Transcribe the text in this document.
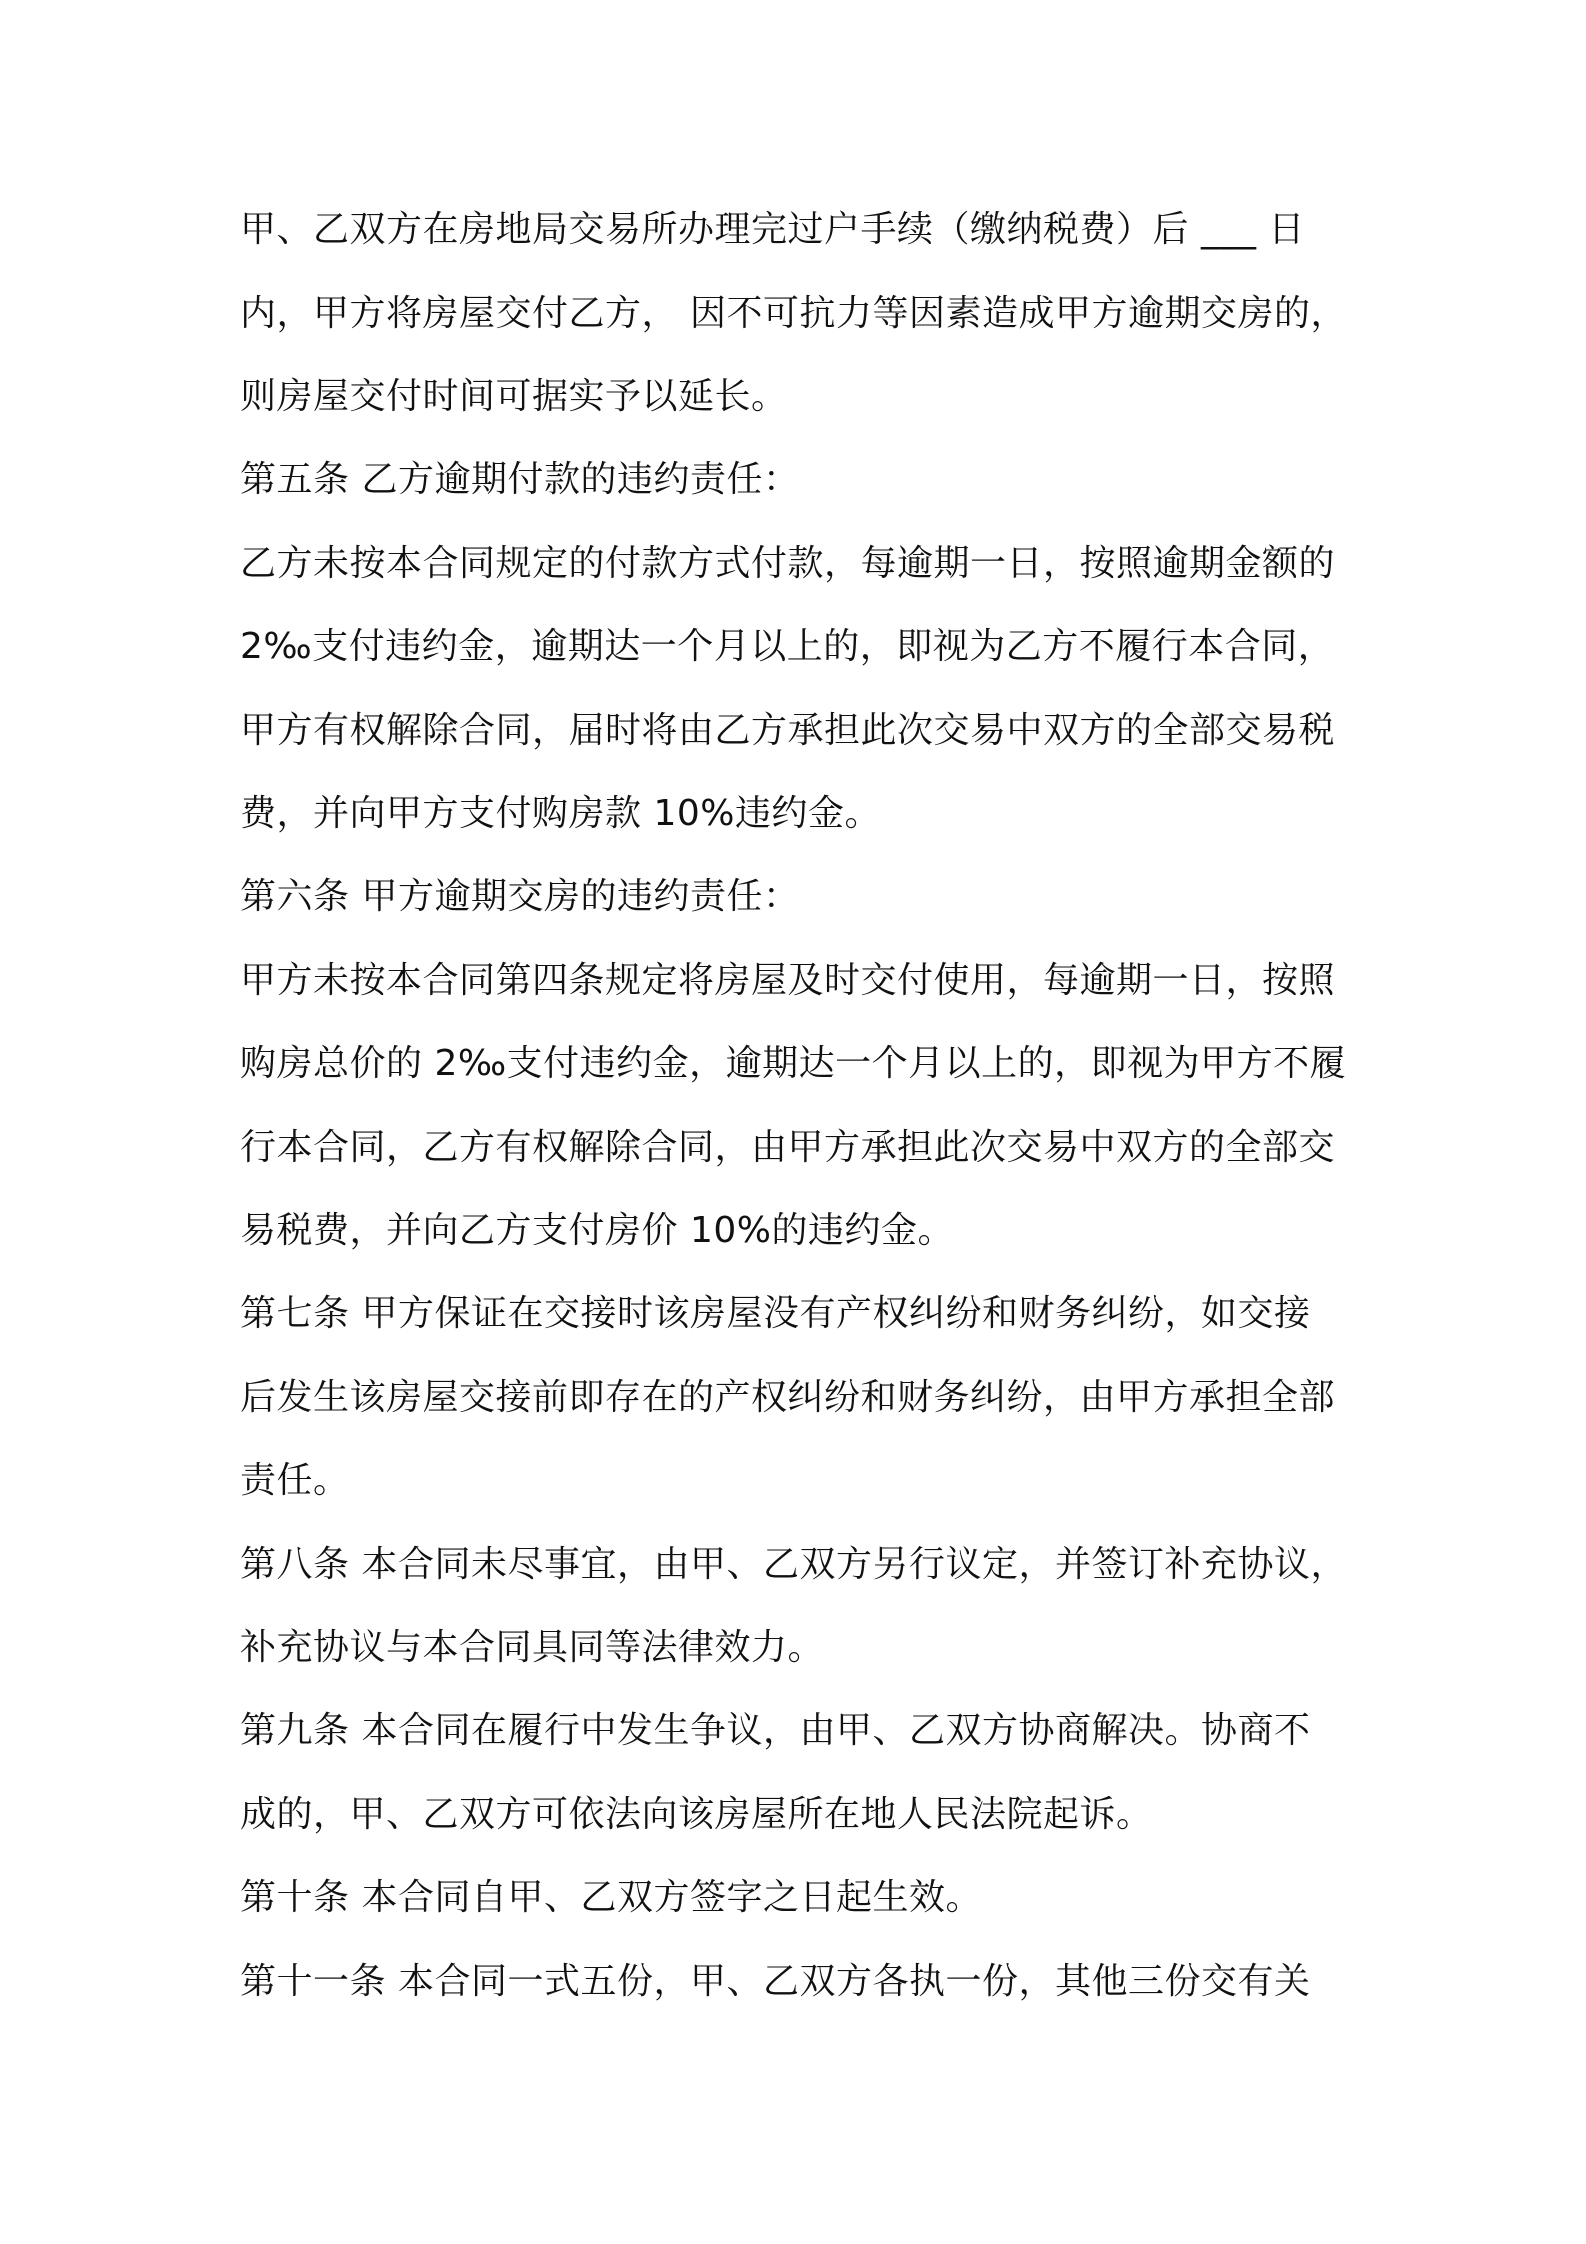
甲、乙双方在房地局交易所办理完过户手续（缴纳税费）后 ___ 日
内，甲方将房屋交付乙方， 因不可抗力等因素造成甲方逾期交房的，
则房屋交付时间可据实予以延长。
第五条 乙方逾期付款的违约责任：
乙方未按本合同规定的付款方式付款，每逾期一日，按照逾期金额的
2‰支付违约金，逾期达一个月以上的，即视为乙方不履行本合同，
甲方有权解除合同，届时将由乙方承担此次交易中双方的全部交易税
费，并向甲方支付购房款 10%违约金。
第六条 甲方逾期交房的违约责任：
甲方未按本合同第四条规定将房屋及时交付使用，每逾期一日，按照
购房总价的 2‰支付违约金，逾期达一个月以上的，即视为甲方不履
行本合同，乙方有权解除合同，由甲方承担此次交易中双方的全部交
易税费，并向乙方支付房价 10%的违约金。
第七条 甲方保证在交接时该房屋没有产权纠纷和财务纠纷，如交接
后发生该房屋交接前即存在的产权纠纷和财务纠纷，由甲方承担全部
责任。
第八条 本合同未尽事宜，由甲、乙双方另行议定，并签订补充协议，
补充协议与本合同具同等法律效力。
第九条 本合同在履行中发生争议，由甲、乙双方协商解决。协商不
成的，甲、乙双方可依法向该房屋所在地人民法院起诉。
第十条 本合同自甲、乙双方签字之日起生效。
第十一条 本合同一式五份，甲、乙双方各执一份，其他三份交有关
